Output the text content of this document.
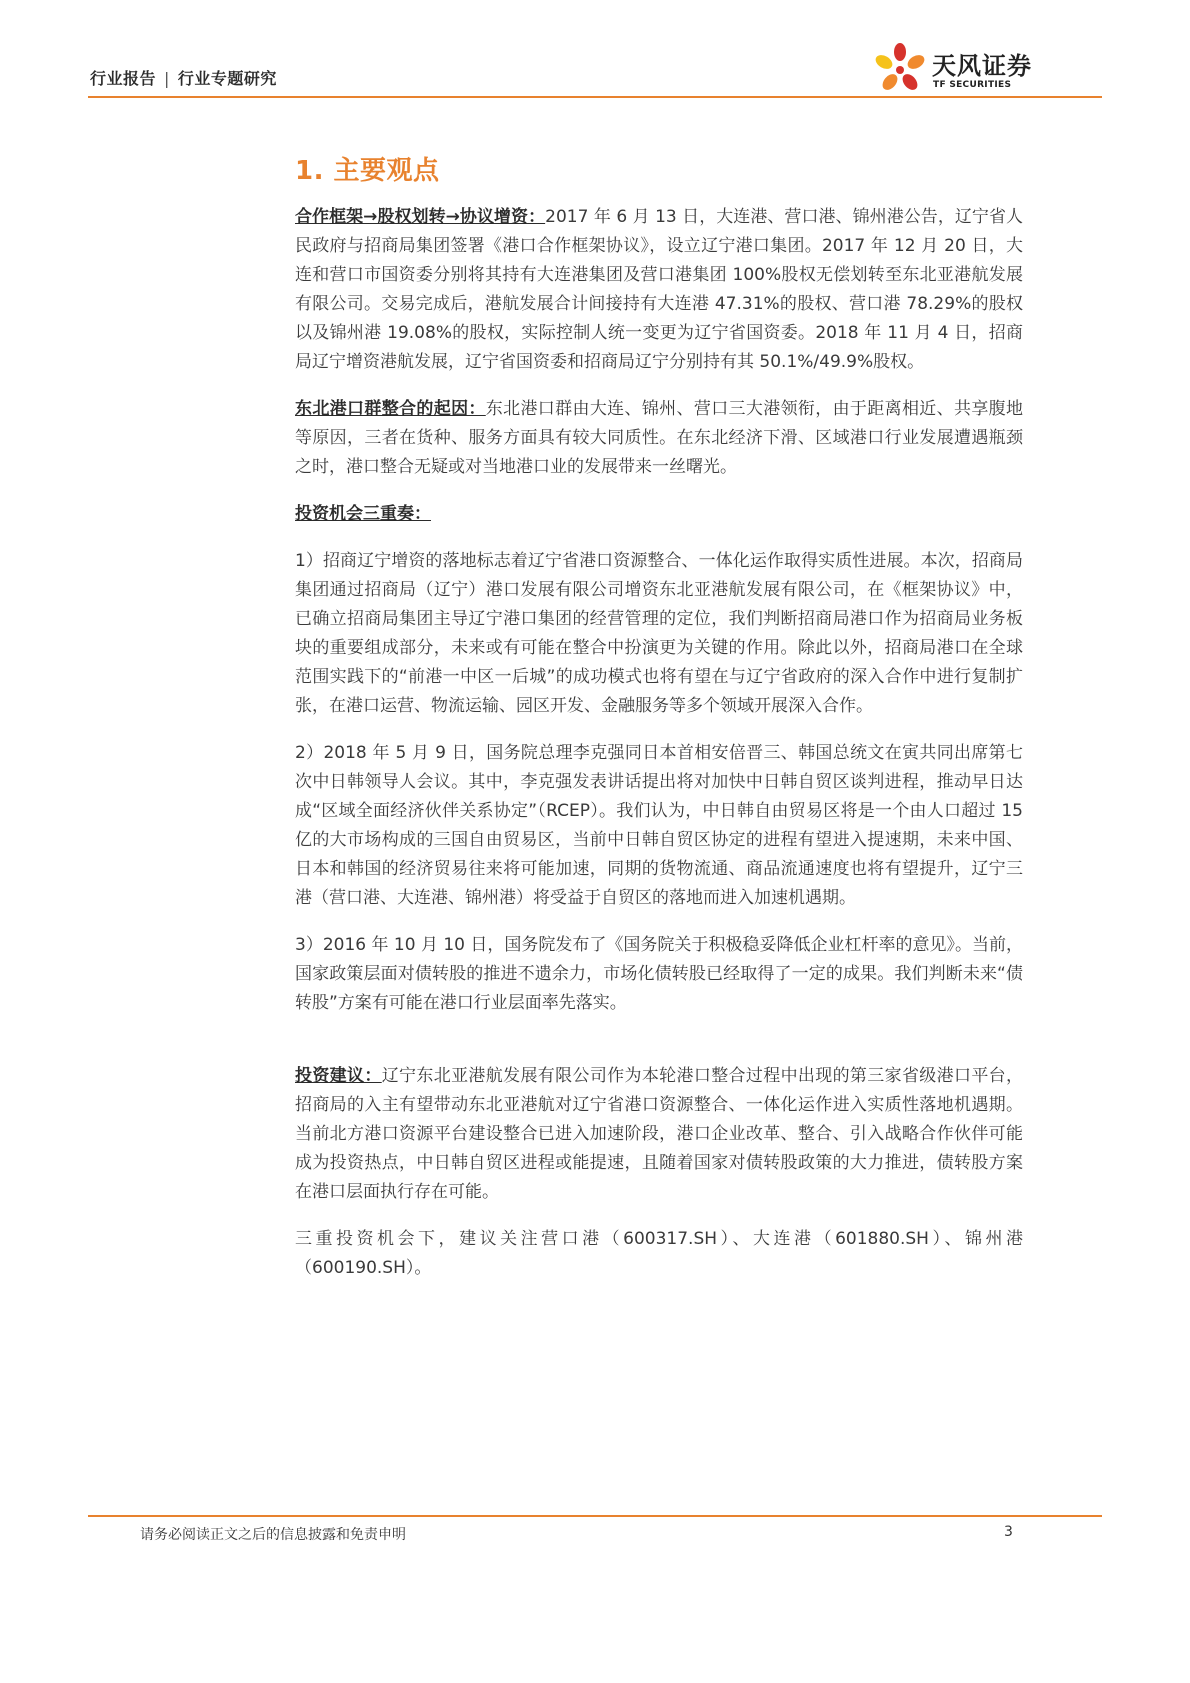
行业报告 | 行业专题研究	天风证券
TF SECURITIES
1. 主要观点

合作框架→股权划转→协议增资：2017 年 6 月 13 日，大连港、营口港、锦州港公告，辽宁省人民政府与招商局集团签署《港口合作框架协议》，设立辽宁港口集团。2017 年 12 月 20 日，大连和营口市国资委分别将其持有大连港集团及营口港集团 100%股权无偿划转至东北亚港航发展有限公司。交易完成后，港航发展合计间接持有大连港 47.31%的股权、营口港 78.29%的股权以及锦州港 19.08%的股权，实际控制人统一变更为辽宁省国资委。2018 年 11 月 4 日，招商局辽宁增资港航发展，辽宁省国资委和招商局辽宁分别持有其 50.1%/49.9%股权。

东北港口群整合的起因：东北港口群由大连、锦州、营口三大港领衔，由于距离相近、共享腹地等原因，三者在货种、服务方面具有较大同质性。在东北经济下滑、区域港口行业发展遭遇瓶颈之时，港口整合无疑或对当地港口业的发展带来一丝曙光。

投资机会三重奏：

1）招商辽宁增资的落地标志着辽宁省港口资源整合、一体化运作取得实质性进展。本次，招商局集团通过招商局（辽宁）港口发展有限公司增资东北亚港航发展有限公司，在《框架协议》中，已确立招商局集团主导辽宁港口集团的经营管理的定位，我们判断招商局港口作为招商局业务板块的重要组成部分，未来或有可能在整合中扮演更为关键的作用。除此以外，招商局港口在全球范围实践下的“前港一中区一后城”的成功模式也将有望在与辽宁省政府的深入合作中进行复制扩张，在港口运营、物流运输、园区开发、金融服务等多个领域开展深入合作。

2）2018 年 5 月 9 日，国务院总理李克强同日本首相安倍晋三、韩国总统文在寅共同出席第七次中日韩领导人会议。其中，李克强发表讲话提出将对加快中日韩自贸区谈判进程，推动早日达成“区域全面经济伙伴关系协定”（RCEP）。我们认为，中日韩自由贸易区将是一个由人口超过 15 亿的大市场构成的三国自由贸易区，当前中日韩自贸区协定的进程有望进入提速期，未来中国、日本和韩国的经济贸易往来将可能加速，同期的货物流通、商品流通速度也将有望提升，辽宁三港（营口港、大连港、锦州港）将受益于自贸区的落地而进入加速机遇期。

3）2016 年 10 月 10 日，国务院发布了《国务院关于积极稳妥降低企业杠杆率的意见》。当前，国家政策层面对债转股的推进不遗余力，市场化债转股已经取得了一定的成果。我们判断未来“债转股”方案有可能在港口行业层面率先落实。

投资建议：辽宁东北亚港航发展有限公司作为本轮港口整合过程中出现的第三家省级港口平台，招商局的入主有望带动东北亚港航对辽宁省港口资源整合、一体化运作进入实质性落地机遇期。当前北方港口资源平台建设整合已进入加速阶段，港口企业改革、整合、引入战略合作伙伴可能成为投资热点，中日韩自贸区进程或能提速，且随着国家对债转股政策的大力推进，债转股方案在港口层面执行存在可能。

三重投资机会下，建议关注营口港（600317.SH）、大连港（601880.SH）、锦州港（600190.SH）。

请务必阅读正文之后的信息披露和免责申明	3
